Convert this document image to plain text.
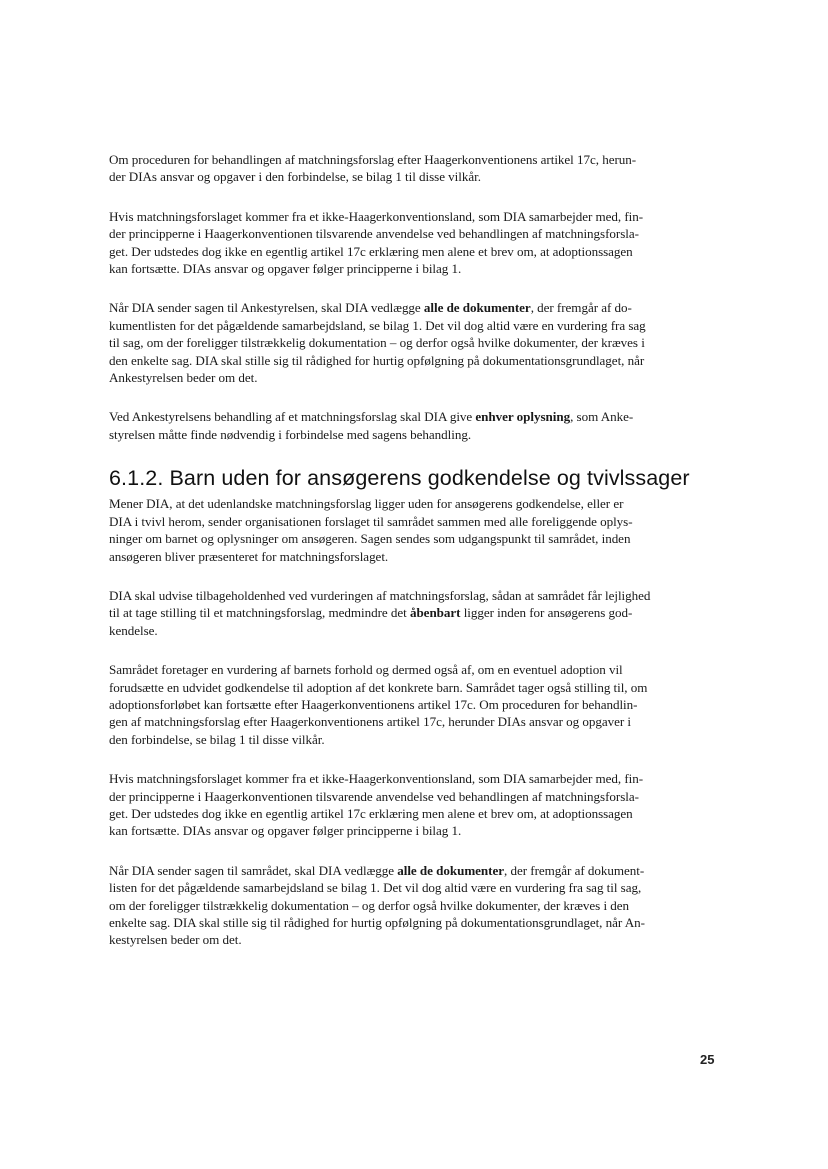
Om proceduren for behandlingen af matchningsforslag efter Haagerkonventionens artikel 17c, herun-
der DIAs ansvar og opgaver i den forbindelse, se bilag 1 til disse vilkår.

Hvis matchningsforslaget kommer fra et ikke-Haagerkonventionsland, som DIA samarbejder med, fin-
der principperne i Haagerkonventionen tilsvarende anvendelse ved behandlingen af matchningsforsla-
get. Der udstedes dog ikke en egentlig artikel 17c erklæring men alene et brev om, at adoptionssagen
kan fortsætte. DIAs ansvar og opgaver følger principperne i bilag 1.

Når DIA sender sagen til Ankestyrelsen, skal DIA vedlægge alle de dokumenter, der fremgår af do-
kumentlisten for det pågældende samarbejdsland, se bilag 1. Det vil dog altid være en vurdering fra sag
til sag, om der foreligger tilstrækkelig dokumentation – og derfor også hvilke dokumenter, der kræves i
den enkelte sag. DIA skal stille sig til rådighed for hurtig opfølgning på dokumentationsgrundlaget, når
Ankestyrelsen beder om det.

Ved Ankestyrelsens behandling af et matchningsforslag skal DIA give enhver oplysning, som Anke-
styrelsen måtte finde nødvendig i forbindelse med sagens behandling.

6.1.2. Barn uden for ansøgerens godkendelse og tvivlssager

Mener DIA, at det udenlandske matchningsforslag ligger uden for ansøgerens godkendelse, eller er
DIA i tvivl herom, sender organisationen forslaget til samrådet sammen med alle foreliggende oplys-
ninger om barnet og oplysninger om ansøgeren. Sagen sendes som udgangspunkt til samrådet, inden
ansøgeren bliver præsenteret for matchningsforslaget.

DIA skal udvise tilbageholdenhed ved vurderingen af matchningsforslag, sådan at samrådet får lejlighed
til at tage stilling til et matchningsforslag, medmindre det åbenbart ligger inden for ansøgerens god-
kendelse.

Samrådet foretager en vurdering af barnets forhold og dermed også af, om en eventuel adoption vil
forudsætte en udvidet godkendelse til adoption af det konkrete barn. Samrådet tager også stilling til, om
adoptionsforløbet kan fortsætte efter Haagerkonventionens artikel 17c. Om proceduren for behandlin-
gen af matchningsforslag efter Haagerkonventionens artikel 17c, herunder DIAs ansvar og opgaver i
den forbindelse, se bilag 1 til disse vilkår.

Hvis matchningsforslaget kommer fra et ikke-Haagerkonventionsland, som DIA samarbejder med, fin-
der principperne i Haagerkonventionen tilsvarende anvendelse ved behandlingen af matchningsforsla-
get. Der udstedes dog ikke en egentlig artikel 17c erklæring men alene et brev om, at adoptionssagen
kan fortsætte. DIAs ansvar og opgaver følger principperne i bilag 1.

Når DIA sender sagen til samrådet, skal DIA vedlægge alle de dokumenter, der fremgår af dokument-
listen for det pågældende samarbejdsland se bilag 1. Det vil dog altid være en vurdering fra sag til sag,
om der foreligger tilstrækkelig dokumentation – og derfor også hvilke dokumenter, der kræves i den
enkelte sag. DIA skal stille sig til rådighed for hurtig opfølgning på dokumentationsgrundlaget, når An-
kestyrelsen beder om det.

25
